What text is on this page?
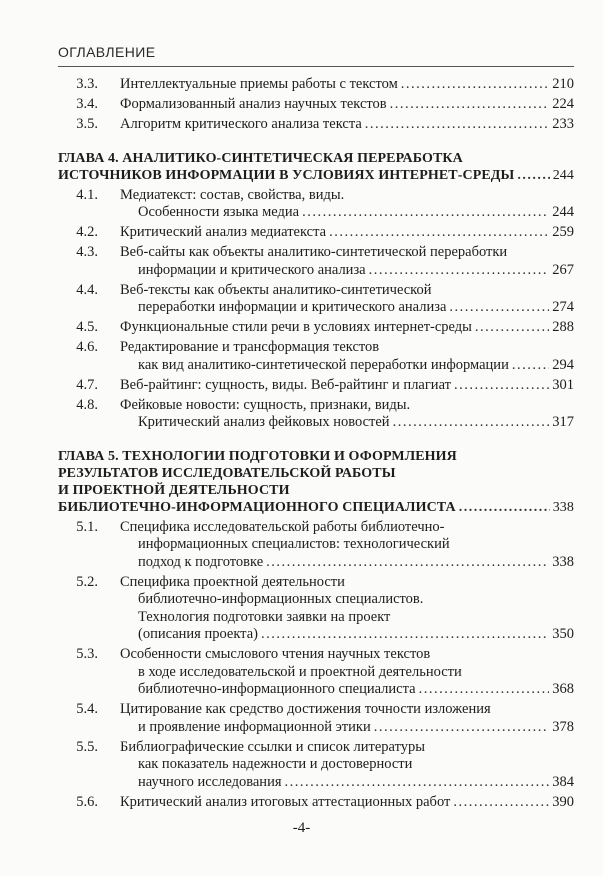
ОГЛАВЛЕНИЕ
3.3. Интеллектуальные приемы работы с текстом .....	210
3.4. Формализованный анализ научных текстов .....	224
3.5. Алгоритм критического анализа текста .....	233
ГЛАВА 4. АНАЛИТИКО-СИНТЕТИЧЕСКАЯ ПЕРЕРАБОТКА
ИСТОЧНИКОВ ИНФОРМАЦИИ В УСЛОВИЯХ ИНТЕРНЕТ-СРЕДЫ .....	244
4.1. Медиатекст: состав, свойства, виды.
Особенности языка медиа .....	244
4.2. Критический анализ медиатекста .....	259
4.3. Веб-сайты как объекты аналитико-синтетической переработки
информации и критического анализа .....	267
4.4. Веб-тексты как объекты аналитико-синтетической
переработки информации и критического анализа .....	274
4.5. Функциональные стили речи в условиях интернет-среды .....	288
4.6. Редактирование и трансформация текстов
как вид аналитико-синтетической переработки информации .....	294
4.7. Веб-райтинг: сущность, виды. Веб-райтинг и плагиат .....	301
4.8. Фейковые новости: сущность, признаки, виды.
Критический анализ фейковых новостей .....	317
ГЛАВА 5. ТЕХНОЛОГИИ ПОДГОТОВКИ И ОФОРМЛЕНИЯ
РЕЗУЛЬТАТОВ ИССЛЕДОВАТЕЛЬСКОЙ РАБОТЫ
И ПРОЕКТНОЙ ДЕЯТЕЛЬНОСТИ
БИБЛИОТЕЧНО-ИНФОРМАЦИОННОГО СПЕЦИАЛИСТА .....	338
5.1. Специфика исследовательской работы библиотечно-
информационных специалистов: технологический
подход к подготовке .....	338
5.2. Специфика проектной деятельности
библиотечно-информационных специалистов.
Технология подготовки заявки на проект
(описания проекта) .....	350
5.3. Особенности смыслового чтения научных текстов
в ходе исследовательской и проектной деятельности
библиотечно-информационного специалиста .....	368
5.4. Цитирование как средство достижения точности изложения
и проявление информационной этики .....	378
5.5. Библиографические ссылки и список литературы
как показатель надежности и достоверности
научного исследования .....	384
5.6. Критический анализ итоговых аттестационных работ .....	390
-4-
